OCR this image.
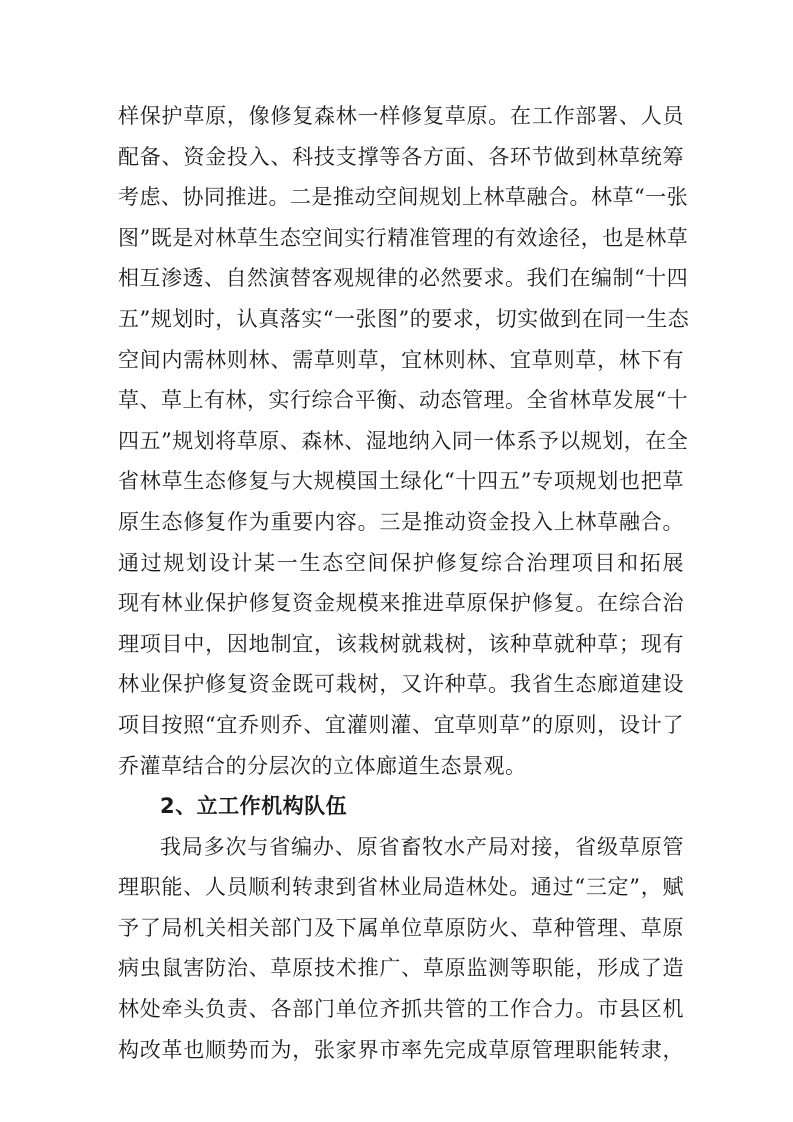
样保护草原，像修复森林一样修复草原。在工作部署、人员
配备、资金投入、科技支撑等各方面、各环节做到林草统筹
考虑、协同推进。二是推动空间规划上林草融合。林草“一张
图”既是对林草生态空间实行精准管理的有效途径，也是林草
相互渗透、自然演替客观规律的必然要求。我们在编制“十四
五”规划时，认真落实“一张图”的要求，切实做到在同一生态
空间内需林则林、需草则草，宜林则林、宜草则草，林下有
草、草上有林，实行综合平衡、动态管理。全省林草发展“十
四五”规划将草原、森林、湿地纳入同一体系予以规划，在全
省林草生态修复与大规模国土绿化“十四五”专项规划也把草
原生态修复作为重要内容。三是推动资金投入上林草融合。
通过规划设计某一生态空间保护修复综合治理项目和拓展
现有林业保护修复资金规模来推进草原保护修复。在综合治
理项目中，因地制宜，该栽树就栽树，该种草就种草；现有
林业保护修复资金既可栽树，又许种草。我省生态廊道建设
项目按照“宜乔则乔、宜灌则灌、宜草则草”的原则，设计了
乔灌草结合的分层次的立体廊道生态景观。
2、立工作机构队伍
我局多次与省编办、原省畜牧水产局对接，省级草原管
理职能、人员顺利转隶到省林业局造林处。通过“三定”，赋
予了局机关相关部门及下属单位草原防火、草种管理、草原
病虫鼠害防治、草原技术推广、草原监测等职能，形成了造
林处牵头负责、各部门单位齐抓共管的工作合力。市县区机
构改革也顺势而为，张家界市率先完成草原管理职能转隶，
